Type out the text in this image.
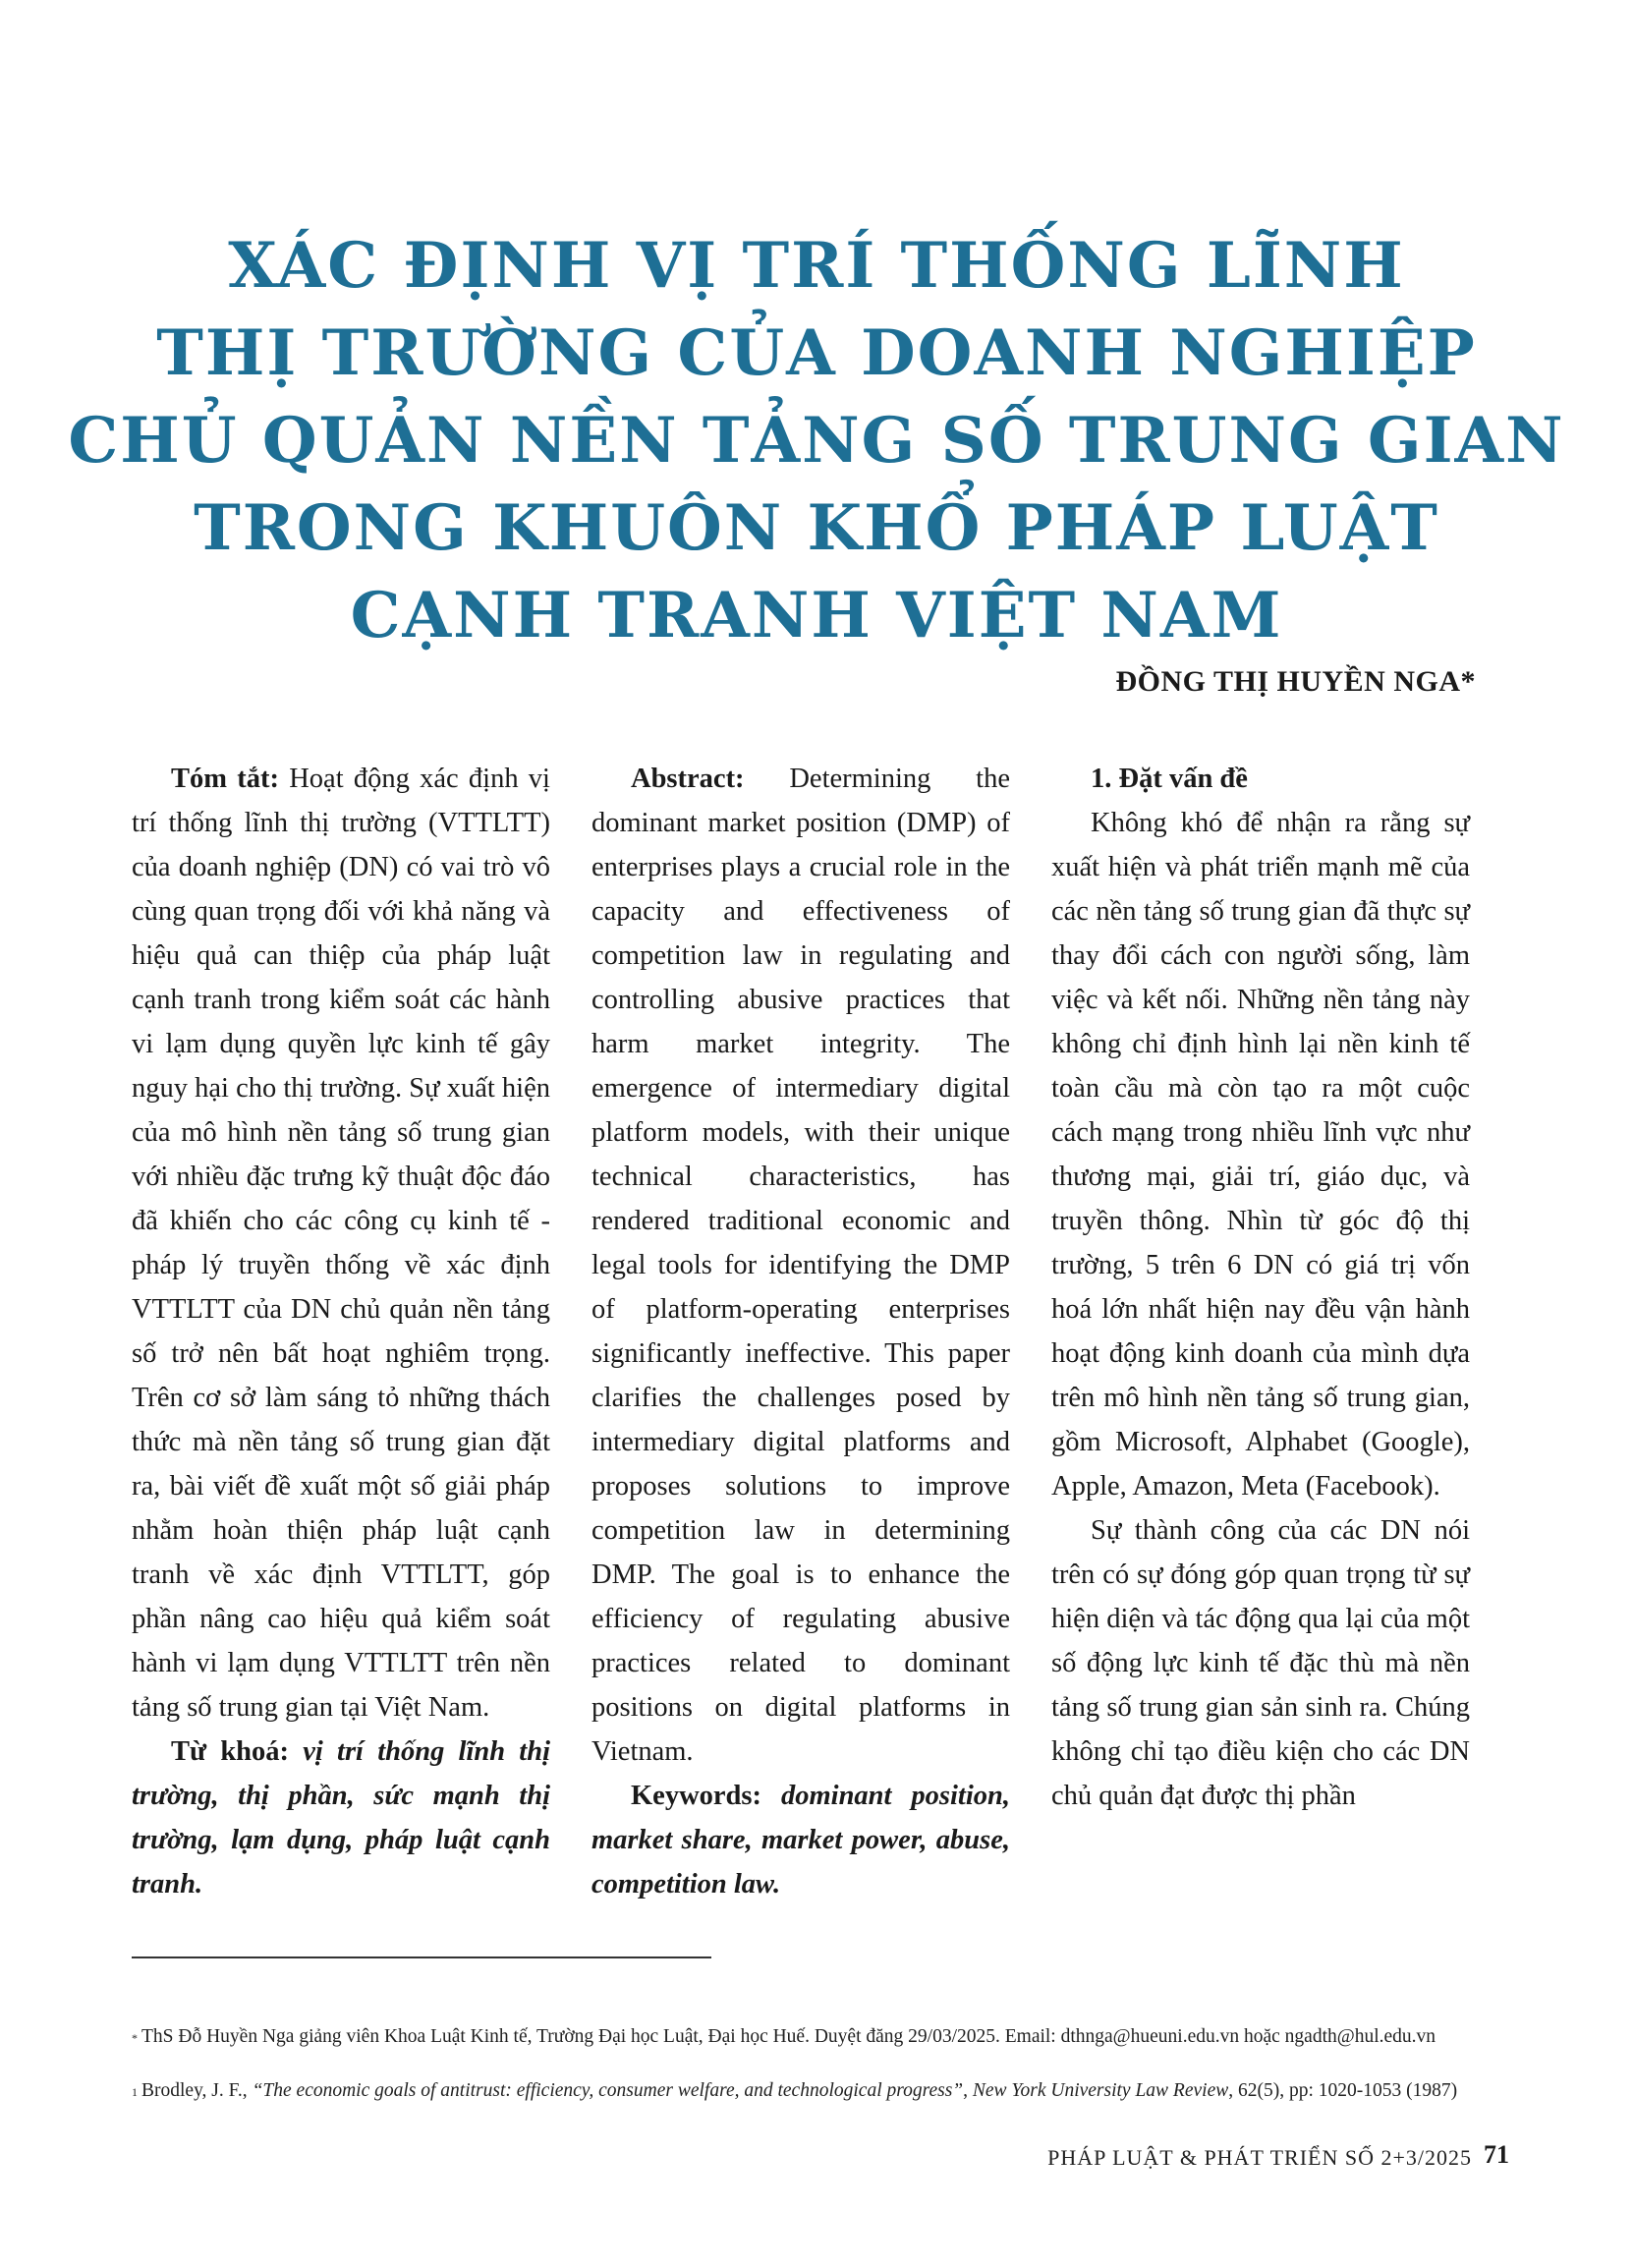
XÁC ĐỊNH VỊ TRÍ THỐNG LĨNH
THỊ TRƯỜNG CỦA DOANH NGHIỆP
CHỦ QUẢN NỀN TẢNG SỐ TRUNG GIAN
TRONG KHUÔN KHỔ PHÁP LUẬT
CẠNH TRANH VIỆT NAM
ĐỒNG THỊ HUYỀN NGA*

Tóm tắt: Hoạt động xác định vị trí thống lĩnh thị trường (VTTLTT) của doanh nghiệp (DN) có vai trò vô cùng quan trọng đối với khả năng và hiệu quả can thiệp của pháp luật cạnh tranh trong kiểm soát các hành vi lạm dụng quyền lực kinh tế gây nguy hại cho thị trường. Sự xuất hiện của mô hình nền tảng số trung gian với nhiều đặc trưng kỹ thuật độc đáo đã khiến cho các công cụ kinh tế - pháp lý truyền thống về xác định VTTLTT của DN chủ quản nền tảng số trở nên bất hoạt nghiêm trọng. Trên cơ sở làm sáng tỏ những thách thức mà nền tảng số trung gian đặt ra, bài viết đề xuất một số giải pháp nhằm hoàn thiện pháp luật cạnh tranh về xác định VTTLTT, góp phần nâng cao hiệu quả kiểm soát hành vi lạm dụng VTTLTT trên nền tảng số trung gian tại Việt Nam.

Từ khoá: vị trí thống lĩnh thị trường, thị phần, sức mạnh thị trường, lạm dụng, pháp luật cạnh tranh.

Abstract: Determining the dominant market position (DMP) of enterprises plays a crucial role in the capacity and effectiveness of competition law in regulating and controlling abusive practices that harm market integrity. The emergence of intermediary digital platform models, with their unique technical characteristics, has rendered traditional economic and legal tools for identifying the DMP of platform-operating enterprises significantly ineffective. This paper clarifies the challenges posed by intermediary digital platforms and proposes solutions to improve competition law in determining DMP. The goal is to enhance the efficiency of regulating abusive practices related to dominant positions on digital platforms in Vietnam.

Keywords: dominant position, market share, market power, abuse, competition law.

1. Đặt vấn đề

Không khó để nhận ra rằng sự xuất hiện và phát triển mạnh mẽ của các nền tảng số trung gian đã thực sự thay đổi cách con người sống, làm việc và kết nối. Những nền tảng này không chỉ định hình lại nền kinh tế toàn cầu mà còn tạo ra một cuộc cách mạng trong nhiều lĩnh vực như thương mại, giải trí, giáo dục, và truyền thông. Nhìn từ góc độ thị trường, 5 trên 6 DN có giá trị vốn hoá lớn nhất hiện nay đều vận hành hoạt động kinh doanh của mình dựa trên mô hình nền tảng số trung gian, gồm Microsoft, Alphabet (Google), Apple, Amazon, Meta (Facebook).

Sự thành công của các DN nói trên có sự đóng góp quan trọng từ sự hiện diện và tác động qua lại của một số động lực kinh tế đặc thù mà nền tảng số trung gian sản sinh ra. Chúng không chỉ tạo điều kiện cho các DN chủ quản đạt được thị phần

* ThS Đỗ Huyền Nga giảng viên Khoa Luật Kinh tế, Trường Đại học Luật, Đại học Huế. Duyệt đăng 29/03/2025. Email: dthnga@hueuni.edu.vn hoặc ngadth@hul.edu.vn
$^1$ Brodley, J. F., “The economic goals of antitrust: efficiency, consumer welfare, and technological progress”, New York University Law Review, 62(5), pp: 1020-1053 (1987)
PHÁP LUẬT & PHÁT TRIỂN SỐ 2+3/2025 71
